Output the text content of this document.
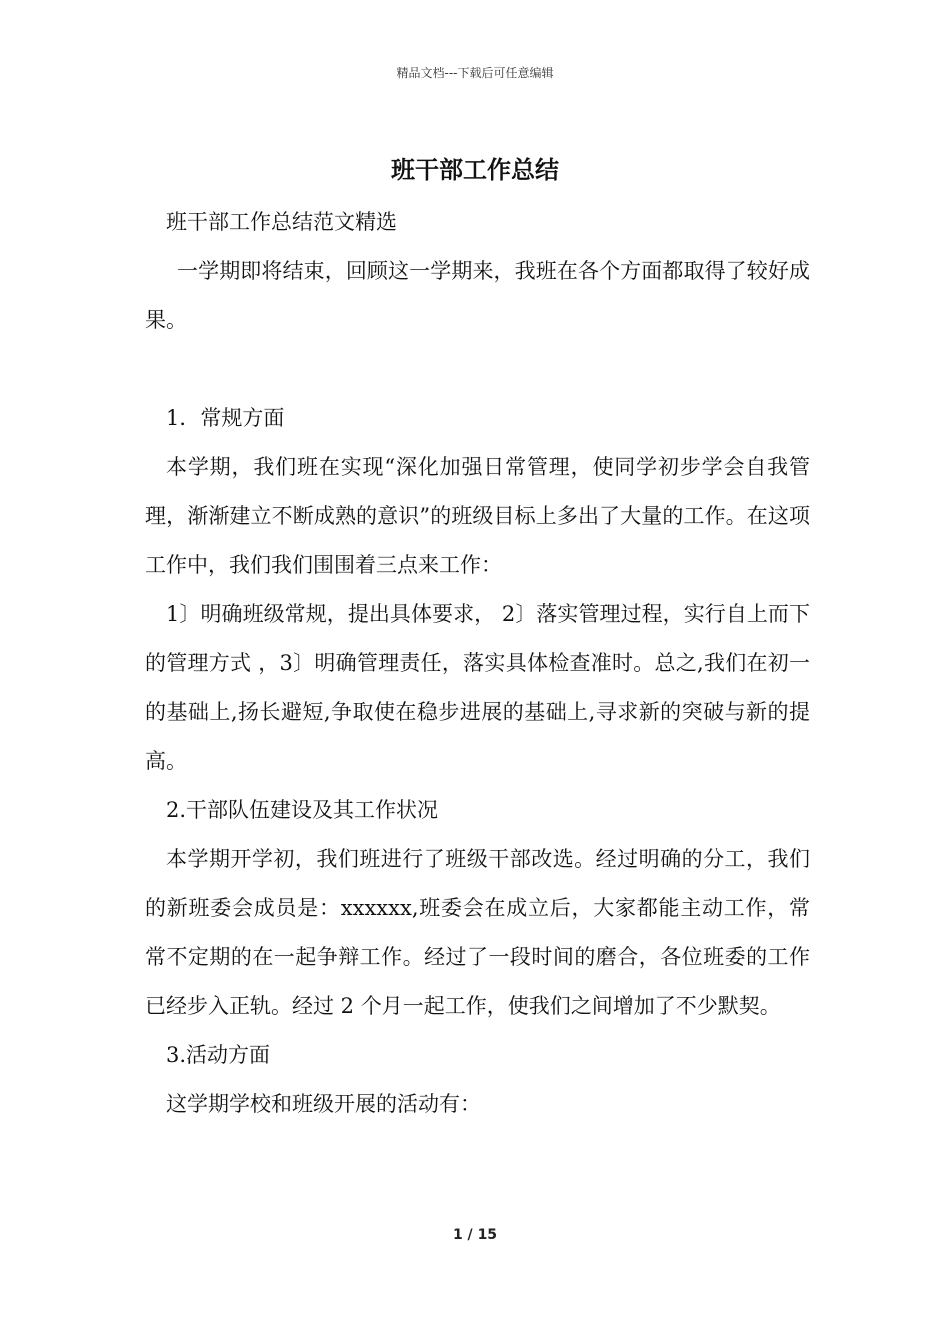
精品文档---下载后可任意编辑
班干部工作总结

班干部工作总结范文精选

一学期即将结束，回顾这一学期来，我班在各个方面都取得了较好成果。

1．常规方面

本学期，我们班在实现“深化加强日常管理，使同学初步学会自我管理，渐渐建立不断成熟的意识”的班级目标上多出了大量的工作。在这项工作中，我们我们围围着三点来工作：

1〕明确班级常规，提出具体要求， 2〕落实管理过程，实行自上而下的管理方式 ，3〕明确管理责任，落实具体检查准时。总之,我们在初一的基础上,扬长避短,争取使在稳步进展的基础上,寻求新的突破与新的提高。

2.干部队伍建设及其工作状况

本学期开学初，我们班进行了班级干部改选。经过明确的分工，我们的新班委会成员是：xxxxxx,班委会在成立后，大家都能主动工作，常常不定期的在一起争辩工作。经过了一段时间的磨合，各位班委的工作已经步入正轨。经过 2 个月一起工作，使我们之间增加了不少默契。

3.活动方面

这学期学校和班级开展的活动有：

1 / 15
